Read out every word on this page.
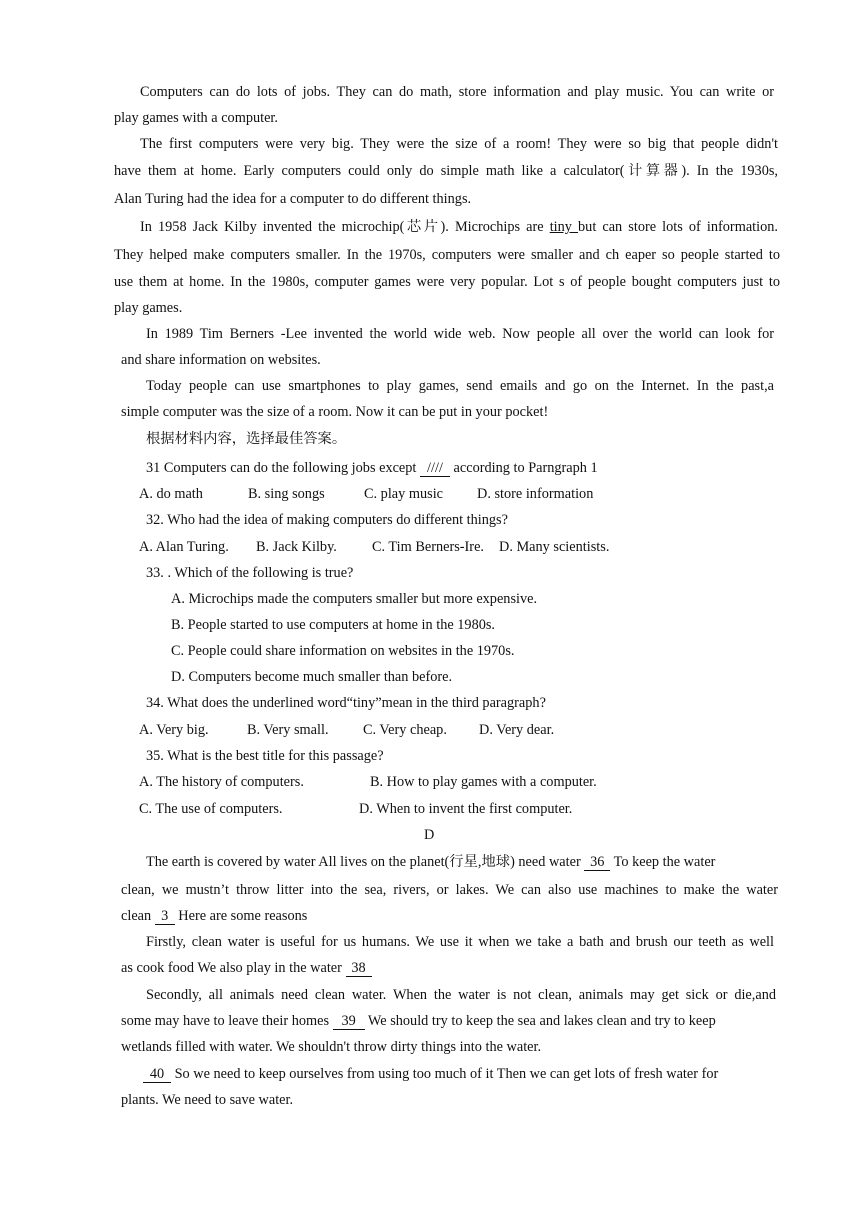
Computers can do lots of jobs. They can do math, store information and play music. You can write or
play games with a computer.
The first computers were very big. They were the size of a room! They were so big that people didn't
have them at home. Early computers could only do simple math like a calculator(计算器). In the 1930s,
Alan Turing had the idea for a computer to do different things.
In 1958 Jack Kilby invented the microchip(芯片). Microchips are tiny but can store lots of information.
They helped make computers smaller. In the 1970s, computers were smaller and ch eaper so people started to
use them at home. In the 1980s, computer games were very popular. Lot s of people bought computers just to
play games.
In 1989 Tim Berners -Lee invented the world wide web. Now people all over the world can look for
and share information on websites.
Today people can use smartphones to play games, send emails and go on the Internet. In the past,a
simple computer was the size of a room. Now it can be put in your pocket!
根据材料内容，选择最佳答案。
31 Computers can do the following jobs except //// according to Parngraph 1
A. do math	B. sing songs	C. play music D. store information
32. Who had the idea of making computers do different things?
A. Alan Turing. B. Jack Kilby. C. Tim Berners-Ire. D. Many scientists.
33. . Which of the following is true?
A. Microchips made the computers smaller but more expensive.
B. People started to use computers at home in the 1980s.
C. People could share information on websites in the 1970s.
D. Computers become much smaller than before.
34. What does the underlined word“tiny”mean in the third paragraph?
A. Very big.	B. Very small. C. Very cheap. D. Very dear.
35. What is the best title for this passage?
A. The history of computers.	B. How to play games with a computer.
C. The use of computers.	D. When to invent the first computer.
D
The earth is covered by water All lives on the planet(行星,地球) need water 36 To keep the water
clean, we mustn’t throw litter into the sea, rivers, or lakes. We can also use machines to make the water
clean 3 Here are some reasons
Firstly, clean water is useful for us humans. We use it when we take a bath and brush our teeth as well
as cook food We also play in the water 38
Secondly, all animals need clean water. When the water is not clean, animals may get sick or die,and
some may have to leave their homes 39 We should try to keep the sea and lakes clean and try to keep
wetlands filled with water. We shouldn't throw dirty things into the water.
40 So we need to keep ourselves from using too much of it Then we can get lots of fresh water for
plants. We need to save water.
